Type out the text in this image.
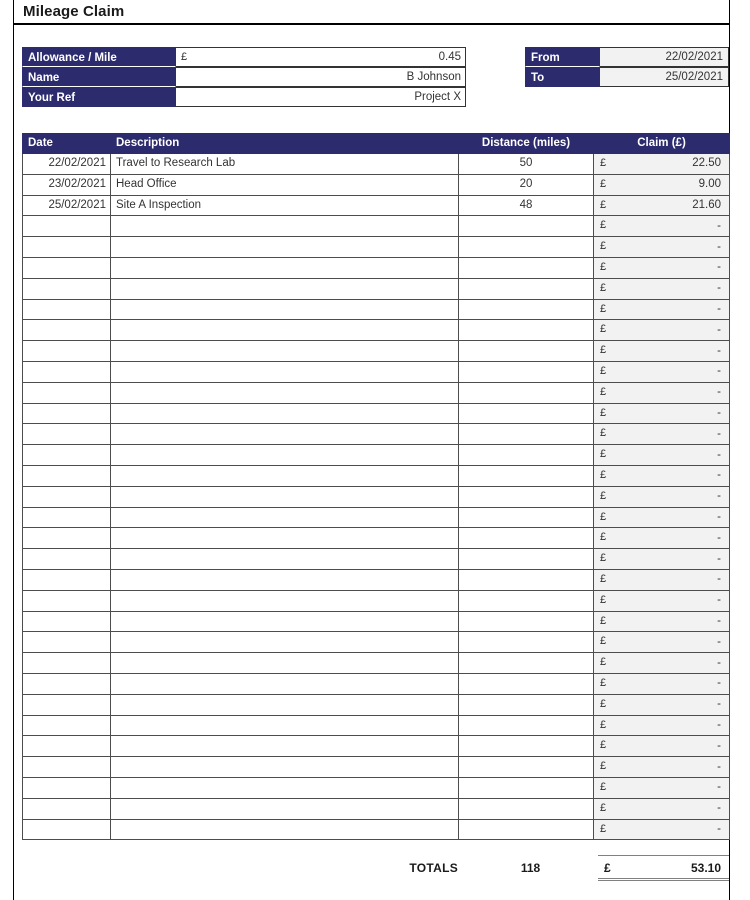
Mileage Claim
Allowance / Mile	£	0.45
Name	B Johnson
Your Ref	Project X
From	22/02/2021
To	25/02/2021
Date	Description	Distance (miles)	Claim (£)
22/02/2021	Travel to Research Lab	50	£ 22.50
23/02/2021	Head Office	20	£ 9.00
25/02/2021	Site A Inspection	48	£ 21.60

			£ -

			£ -

			£ -

			£ -

			£ -

			£ -

			£ -

			£ -

			£ -

			£ -

			£ -

			£ -

			£ -

			£ -

			£ -

			£ -

			£ -

			£ -

			£ -

			£ -

			£ -

			£ -

			£ -

			£ -

			£ -

			£ -

			£ -

			£ -

			£ -

			£ -
TOTALS	118	£	53.10
